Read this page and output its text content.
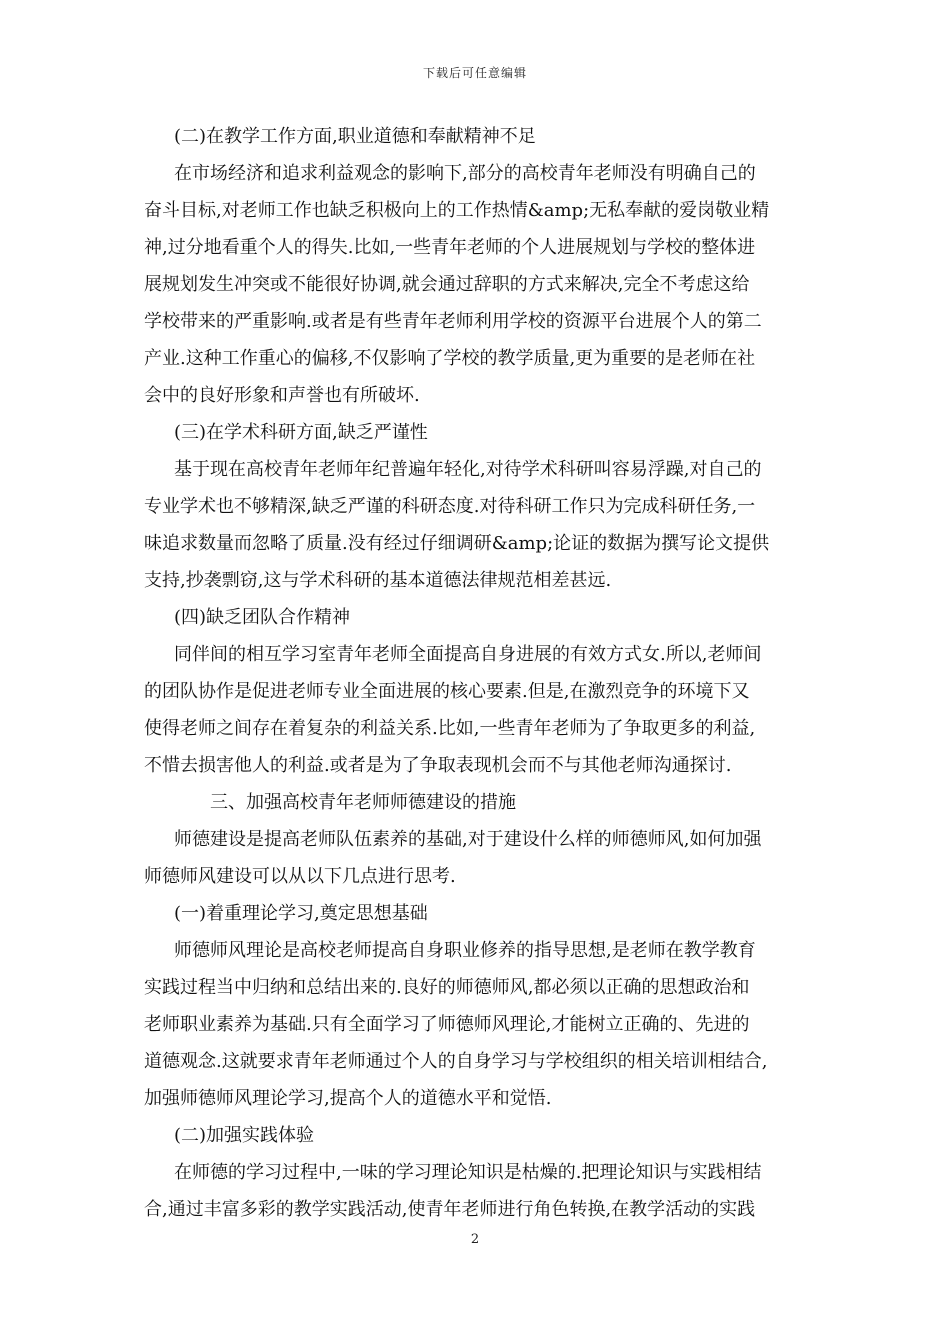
下载后可任意编辑
(二)在教学工作方面,职业道德和奉献精神不足
在市场经济和追求利益观念的影响下,部分的高校青年老师没有明确自己的
奋斗目标,对老师工作也缺乏积极向上的工作热情&amp;无私奉献的爱岗敬业精
神,过分地看重个人的得失.比如,一些青年老师的个人进展规划与学校的整体进
展规划发生冲突或不能很好协调,就会通过辞职的方式来解决,完全不考虑这给
学校带来的严重影响.或者是有些青年老师利用学校的资源平台进展个人的第二
产业.这种工作重心的偏移,不仅影响了学校的教学质量,更为重要的是老师在社
会中的良好形象和声誉也有所破坏.
(三)在学术科研方面,缺乏严谨性
基于现在高校青年老师年纪普遍年轻化,对待学术科研叫容易浮躁,对自己的
专业学术也不够精深,缺乏严谨的科研态度.对待科研工作只为完成科研任务,一
味追求数量而忽略了质量.没有经过仔细调研&amp;论证的数据为撰写论文提供
支持,抄袭剽窃,这与学术科研的基本道德法律规范相差甚远.
(四)缺乏团队合作精神
同伴间的相互学习室青年老师全面提高自身进展的有效方式女.所以,老师间
的团队协作是促进老师专业全面进展的核心要素.但是,在激烈竞争的环境下又
使得老师之间存在着复杂的利益关系.比如,一些青年老师为了争取更多的利益,
不惜去损害他人的利益.或者是为了争取表现机会而不与其他老师沟通探讨.
三、加强高校青年老师师德建设的措施
师德建设是提高老师队伍素养的基础,对于建设什么样的师德师风,如何加强
师德师风建设可以从以下几点进行思考.
(一)着重理论学习,奠定思想基础
师德师风理论是高校老师提高自身职业修养的指导思想,是老师在教学教育
实践过程当中归纳和总结出来的.良好的师德师风,都必须以正确的思想政治和
老师职业素养为基础.只有全面学习了师德师风理论,才能树立正确的、先进的
道德观念.这就要求青年老师通过个人的自身学习与学校组织的相关培训相结合,
加强师德师风理论学习,提高个人的道德水平和觉悟.
(二)加强实践体验
在师德的学习过程中,一味的学习理论知识是枯燥的.把理论知识与实践相结
合,通过丰富多彩的教学实践活动,使青年老师进行角色转换,在教学活动的实践
2
